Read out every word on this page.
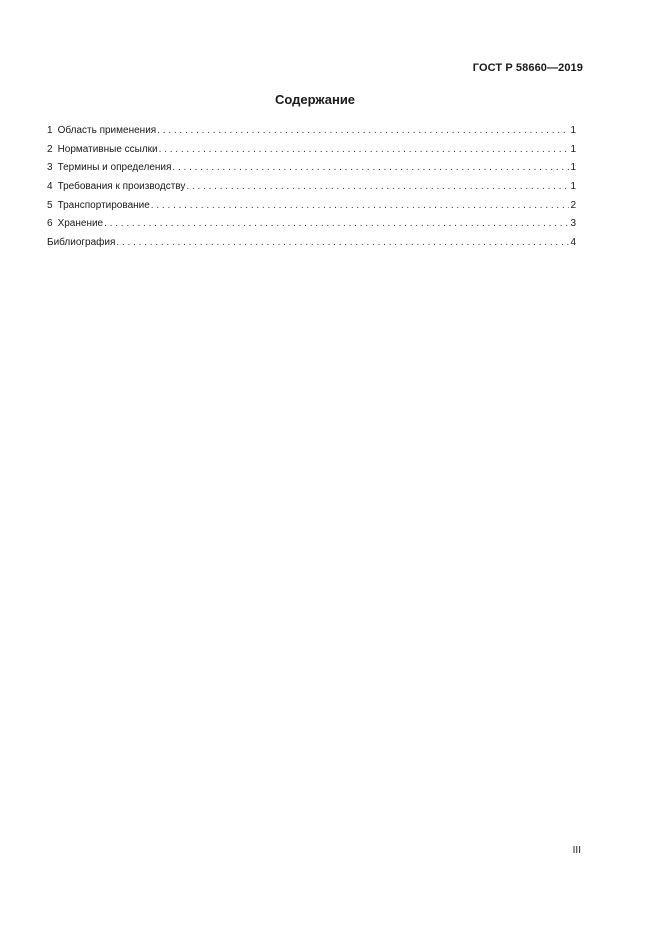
ГОСТ Р 58660—2019
Содержание
1 Область применения . . .	1
2 Нормативные ссылки . . .	1
3 Термины и определения . . .	1
4 Требования к производству . . .	1
5 Транспортирование . . .	2
6 Хранение . . .	3
Библиография . . .	4
III
